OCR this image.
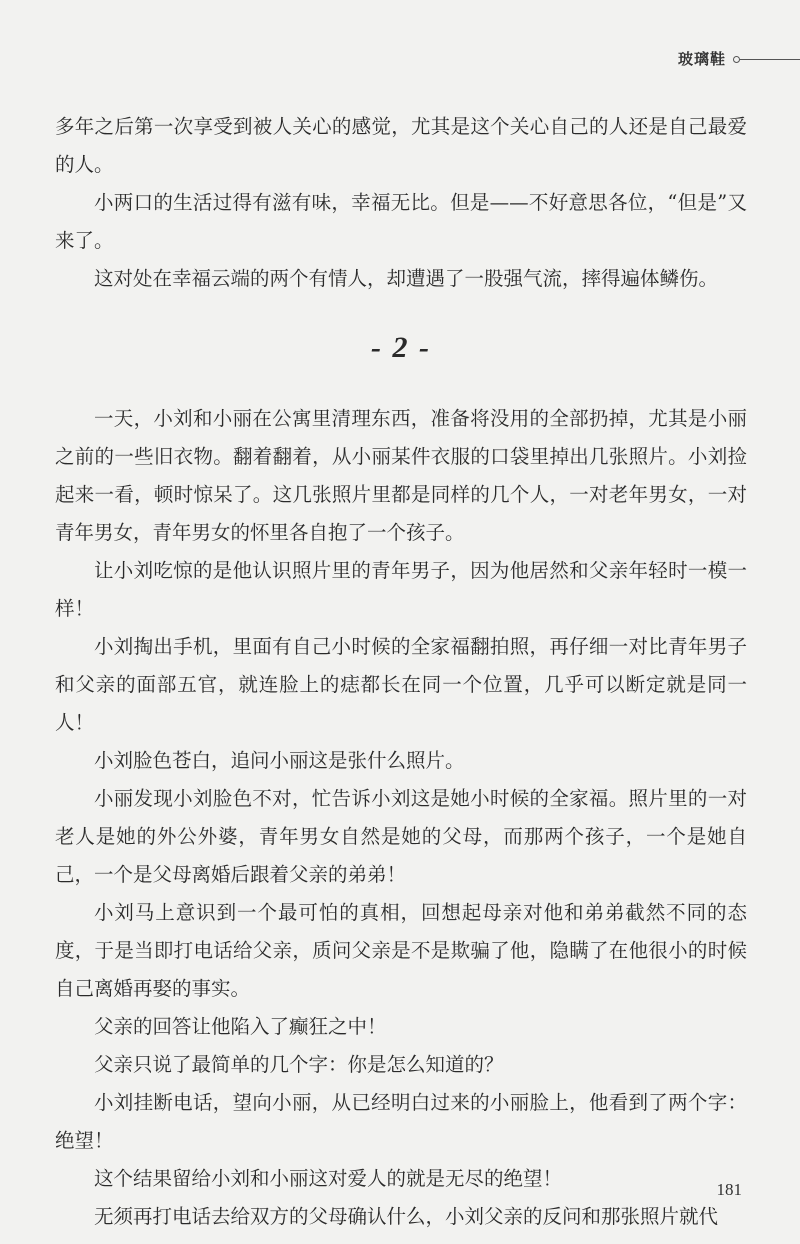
玻璃鞋

多年之后第一次享受到被人关心的感觉，尤其是这个关心自己的人还是自己最爱的人。

小两口的生活过得有滋有味，幸福无比。但是——不好意思各位，“但是”又来了。

这对处在幸福云端的两个有情人，却遭遇了一股强气流，摔得遍体鳞伤。

- 2 -

一天，小刘和小丽在公寓里清理东西，准备将没用的全部扔掉，尤其是小丽之前的一些旧衣物。翻着翻着，从小丽某件衣服的口袋里掉出几张照片。小刘捡起来一看，顿时惊呆了。这几张照片里都是同样的几个人，一对老年男女，一对青年男女，青年男女的怀里各自抱了一个孩子。

让小刘吃惊的是他认识照片里的青年男子，因为他居然和父亲年轻时一模一样！

小刘掏出手机，里面有自己小时候的全家福翻拍照，再仔细一对比青年男子和父亲的面部五官，就连脸上的痣都长在同一个位置，几乎可以断定就是同一人！

小刘脸色苍白，追问小丽这是张什么照片。

小丽发现小刘脸色不对，忙告诉小刘这是她小时候的全家福。照片里的一对老人是她的外公外婆，青年男女自然是她的父母，而那两个孩子，一个是她自己，一个是父母离婚后跟着父亲的弟弟！

小刘马上意识到一个最可怕的真相，回想起母亲对他和弟弟截然不同的态度，于是当即打电话给父亲，质问父亲是不是欺骗了他，隐瞒了在他很小的时候自己离婚再娶的事实。

父亲的回答让他陷入了癫狂之中！

父亲只说了最简单的几个字：你是怎么知道的？

小刘挂断电话，望向小丽，从已经明白过来的小丽脸上，他看到了两个字：绝望！

这个结果留给小刘和小丽这对爱人的就是无尽的绝望！

无须再打电话去给双方的父母确认什么，小刘父亲的反问和那张照片就代

181
